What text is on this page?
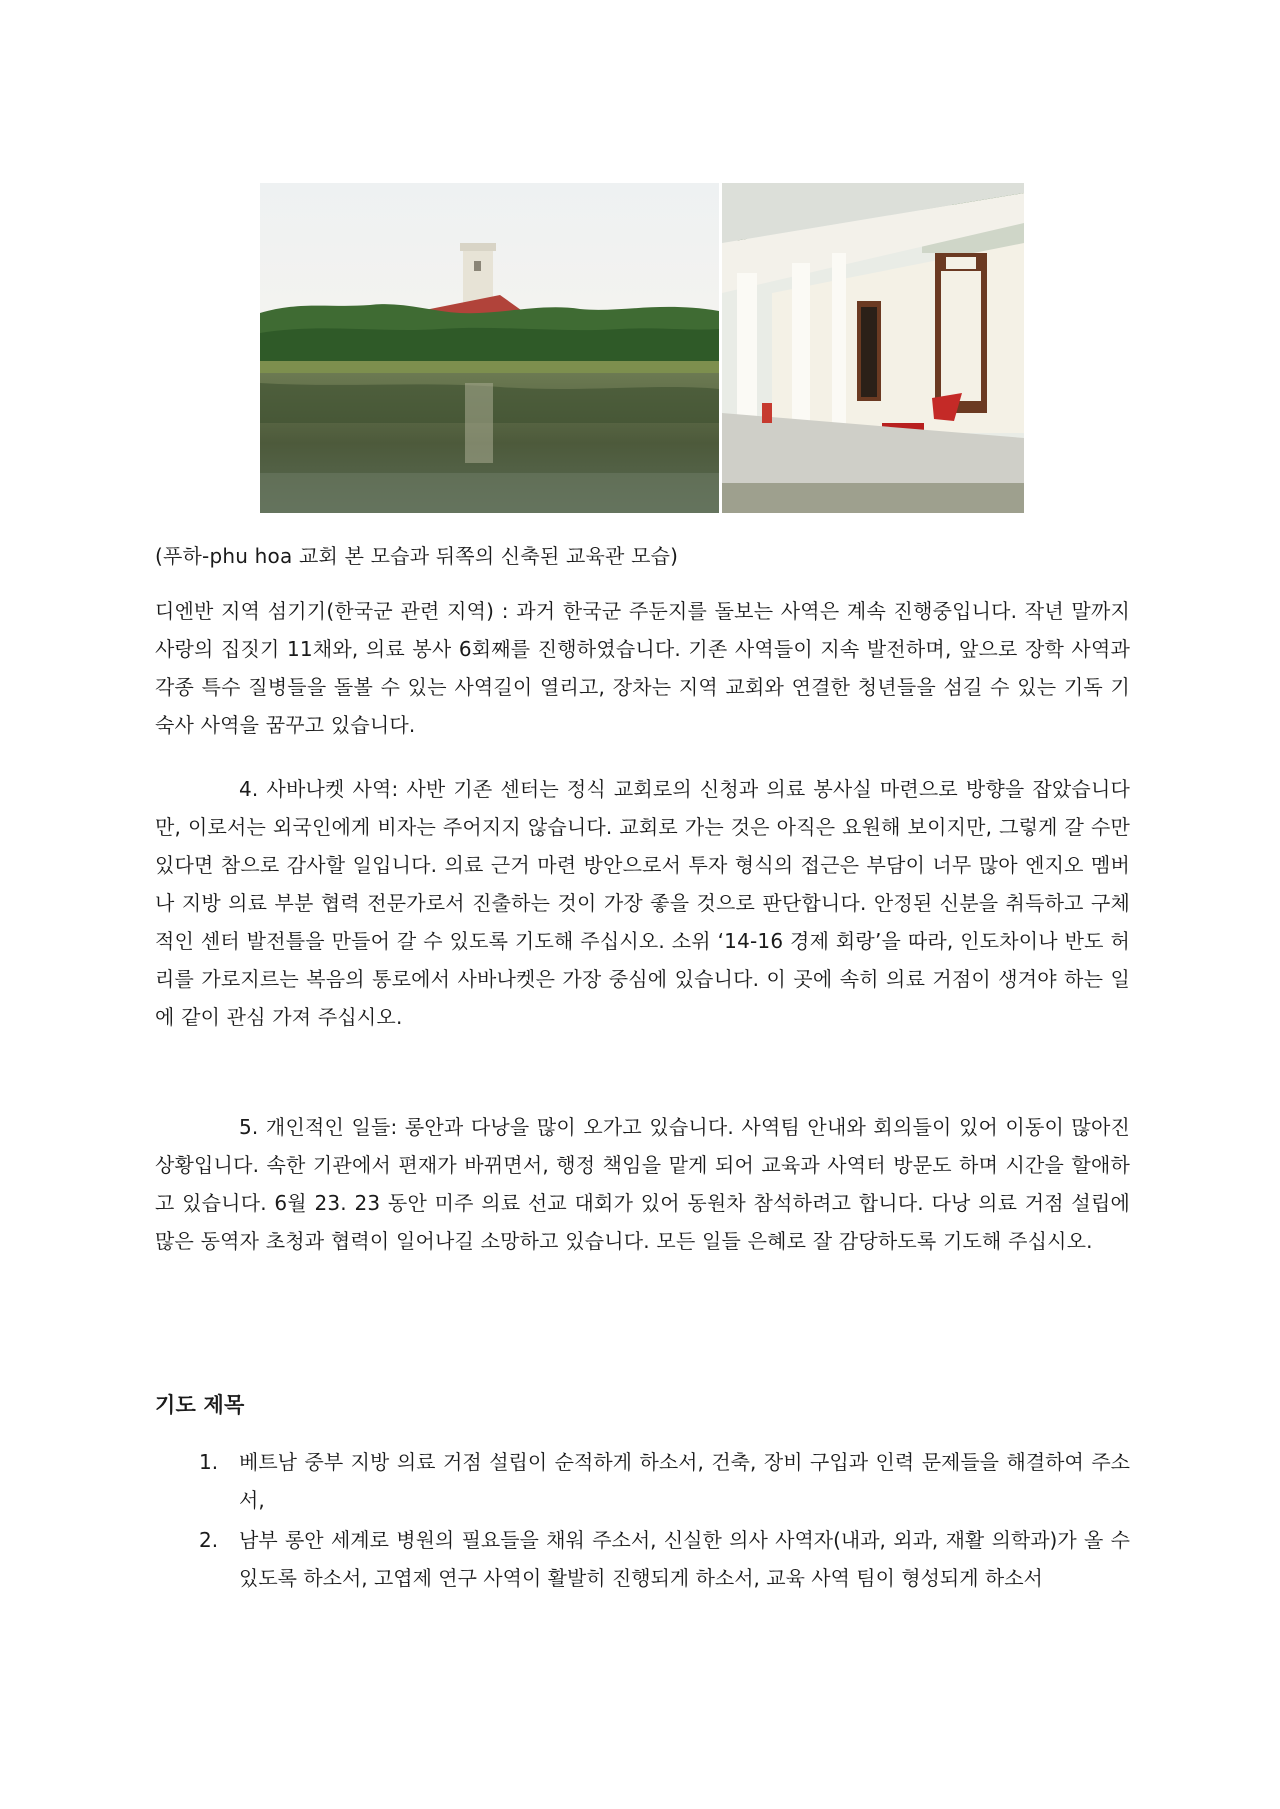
(푸하-phu hoa 교회 본 모습과 뒤쪽의 신축된 교육관 모습)

디엔반 지역 섬기기(한국군 관련 지역) : 과거 한국군 주둔지를 돌보는 사역은 계속 진행중입니다. 작년 말까지 사랑의 집짓기 11채와, 의료 봉사 6회째를 진행하였습니다. 기존 사역들이 지속 발전하며, 앞으로 장학 사역과 각종 특수 질병들을 돌볼 수 있는 사역길이 열리고, 장차는 지역 교회와 연결한 청년들을 섬길 수 있는 기독 기숙사 사역을 꿈꾸고 있습니다.

4. 사바나켓 사역: 사반 기존 센터는 정식 교회로의 신청과 의료 봉사실 마련으로 방향을 잡았습니다만, 이로서는 외국인에게 비자는 주어지지 않습니다. 교회로 가는 것은 아직은 요원해 보이지만, 그렇게 갈 수만 있다면 참으로 감사할 일입니다. 의료 근거 마련 방안으로서 투자 형식의 접근은 부담이 너무 많아 엔지오 멤버나 지방 의료 부분 협력 전문가로서 진출하는 것이 가장 좋을 것으로 판단합니다. 안정된 신분을 취득하고 구체적인 센터 발전틀을 만들어 갈 수 있도록 기도해 주십시오. 소위 ‘14-16 경제 회랑’을 따라, 인도차이나 반도 허리를 가로지르는 복음의 통로에서 사바나켓은 가장 중심에 있습니다. 이 곳에 속히 의료 거점이 생겨야 하는 일에 같이 관심 가져 주십시오.

5. 개인적인 일들: 롱안과 다낭을 많이 오가고 있습니다. 사역팀 안내와 회의들이 있어 이동이 많아진 상황입니다. 속한 기관에서 편재가 바뀌면서, 행정 책임을 맡게 되어 교육과 사역터 방문도 하며 시간을 할애하고 있습니다. 6월 23. 23 동안 미주 의료 선교 대회가 있어 동원차 참석하려고 합니다. 다낭 의료 거점 설립에 많은 동역자 초청과 협력이 일어나길 소망하고 있습니다. 모든 일들 은혜로 잘 감당하도록 기도해 주십시오.

기도 제목
1.	베트남 중부 지방 의료 거점 설립이 순적하게 하소서, 건축, 장비 구입과 인력 문제들을 해결하여 주소서,
2.	남부 롱안 세계로 병원의 필요들을 채워 주소서, 신실한 의사 사역자(내과, 외과, 재활 의학과)가 올 수 있도록 하소서, 고엽제 연구 사역이 활발히 진행되게 하소서, 교육 사역 팀이 형성되게 하소서
